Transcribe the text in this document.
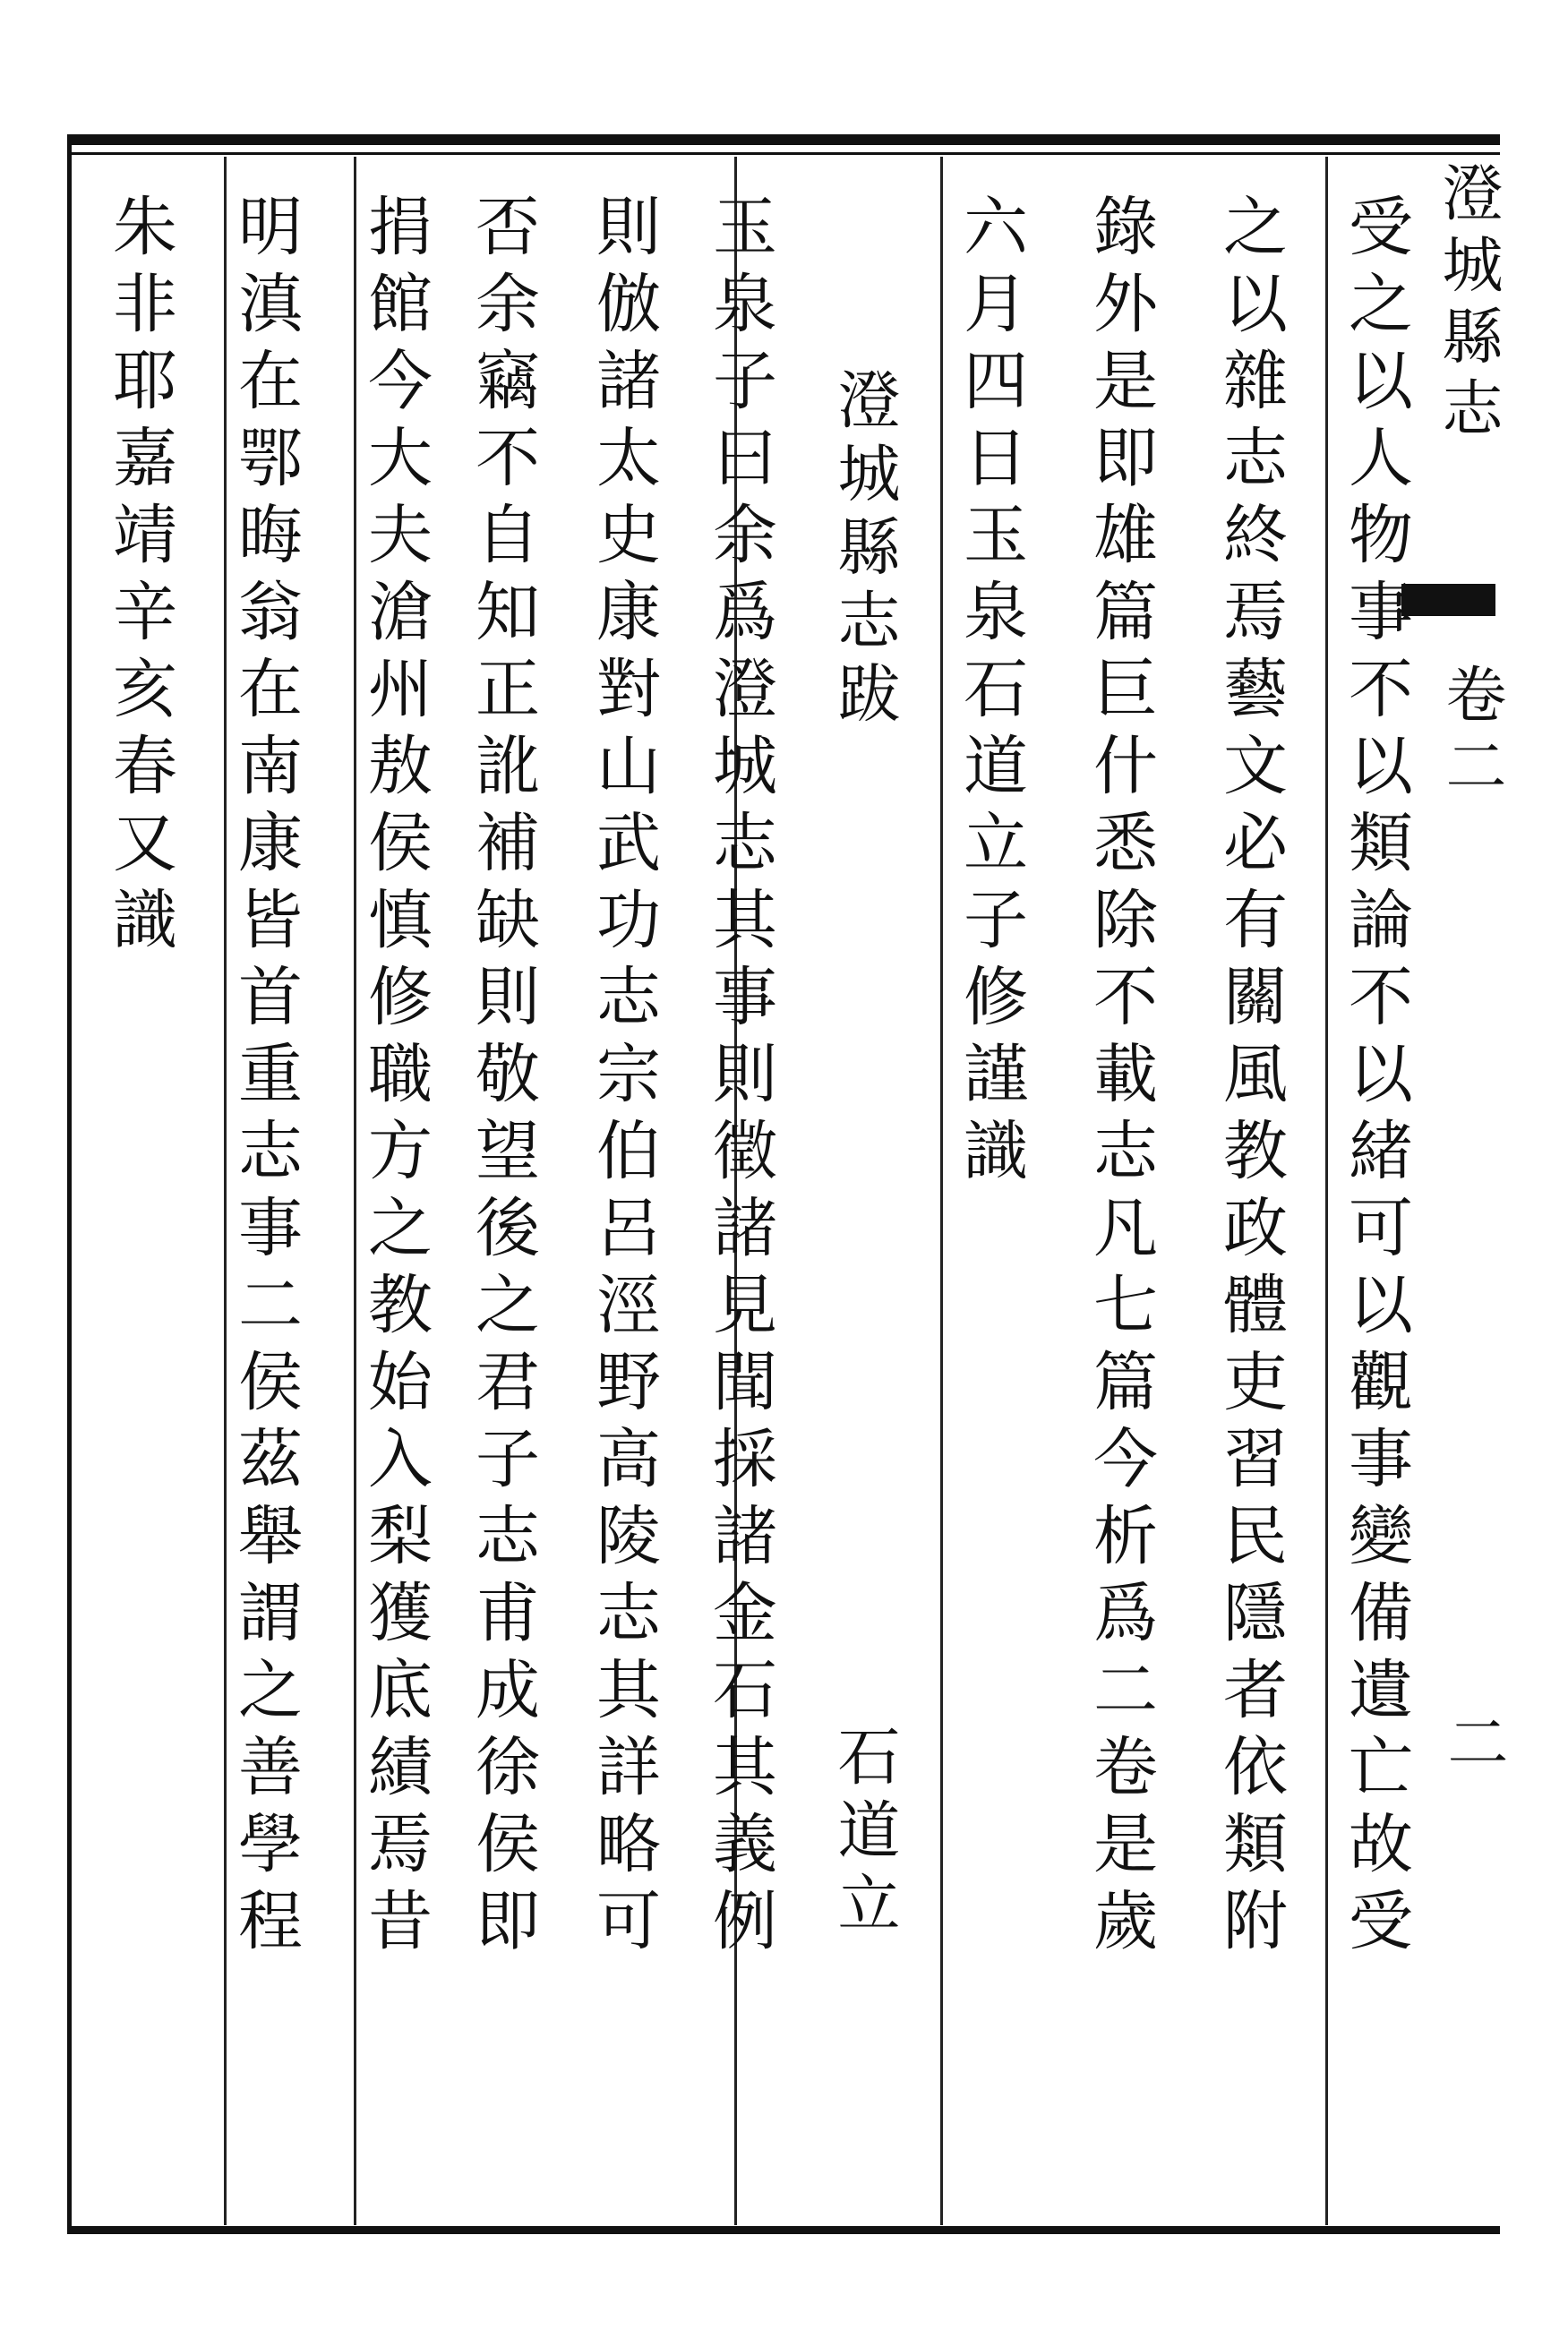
澄城縣志
卷二
二
受之以人物事不以類論不以緒可以觀事變備遺亡故受
之以雜志終焉藝文必有關風教政體吏習民隱者依類附
錄外是即雄篇巨什悉除不載志凡七篇今析爲二卷是歲
六月四日玉泉石道立子修謹識
澄城縣志跋
石道立
玉泉子曰余爲澄城志其事則徵諸見聞採諸金石其義例
則倣諸太史康對山武功志宗伯呂涇野高陵志其詳略可
否余竊不自知正訛補缺則敬望後之君子志甫成徐侯即
捐館今大夫滄州敖侯慎修職方之教始入梨獲底績焉昔
明滇在鄂晦翁在南康皆首重志事二侯茲舉謂之善學程
朱非耶嘉靖辛亥春又識
